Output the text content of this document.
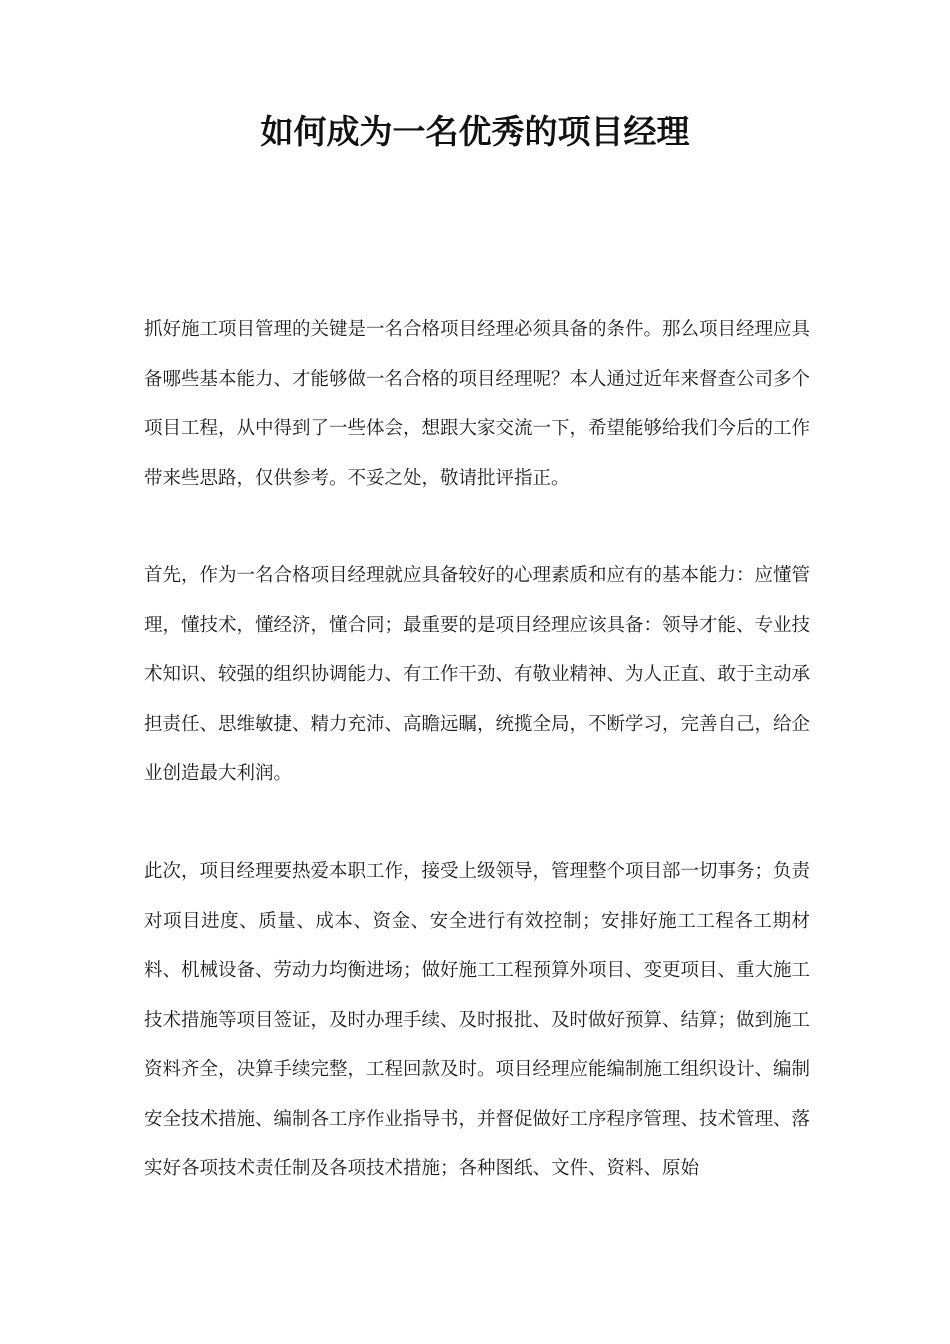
如何成为一名优秀的项目经理

抓好施工项目管理的关键是一名合格项目经理必须具备的条件。那么项目经理应具备哪些基本能力、才能够做一名合格的项目经理呢？本人通过近年来督查公司多个项目工程，从中得到了一些体会，想跟大家交流一下，希望能够给我们今后的工作带来些思路，仅供参考。不妥之处，敬请批评指正。

首先，作为一名合格项目经理就应具备较好的心理素质和应有的基本能力：应懂管理，懂技术，懂经济，懂合同；最重要的是项目经理应该具备：领导才能、专业技术知识、较强的组织协调能力、有工作干劲、有敬业精神、为人正直、敢于主动承担责任、思维敏捷、精力充沛、高瞻远瞩，统揽全局，不断学习，完善自己，给企业创造最大利润。

此次，项目经理要热爱本职工作，接受上级领导，管理整个项目部一切事务；负责对项目进度、质量、成本、资金、安全进行有效控制；安排好施工工程各工期材料、机械设备、劳动力均衡进场；做好施工工程预算外项目、变更项目、重大施工技术措施等项目签证，及时办理手续、及时报批、及时做好预算、结算；做到施工资料齐全，决算手续完整，工程回款及时。项目经理应能编制施工组织设计、编制安全技术措施、编制各工序作业指导书，并督促做好工序程序管理、技术管理、落实好各项技术责任制及各项技术措施；各种图纸、文件、资料、原始
